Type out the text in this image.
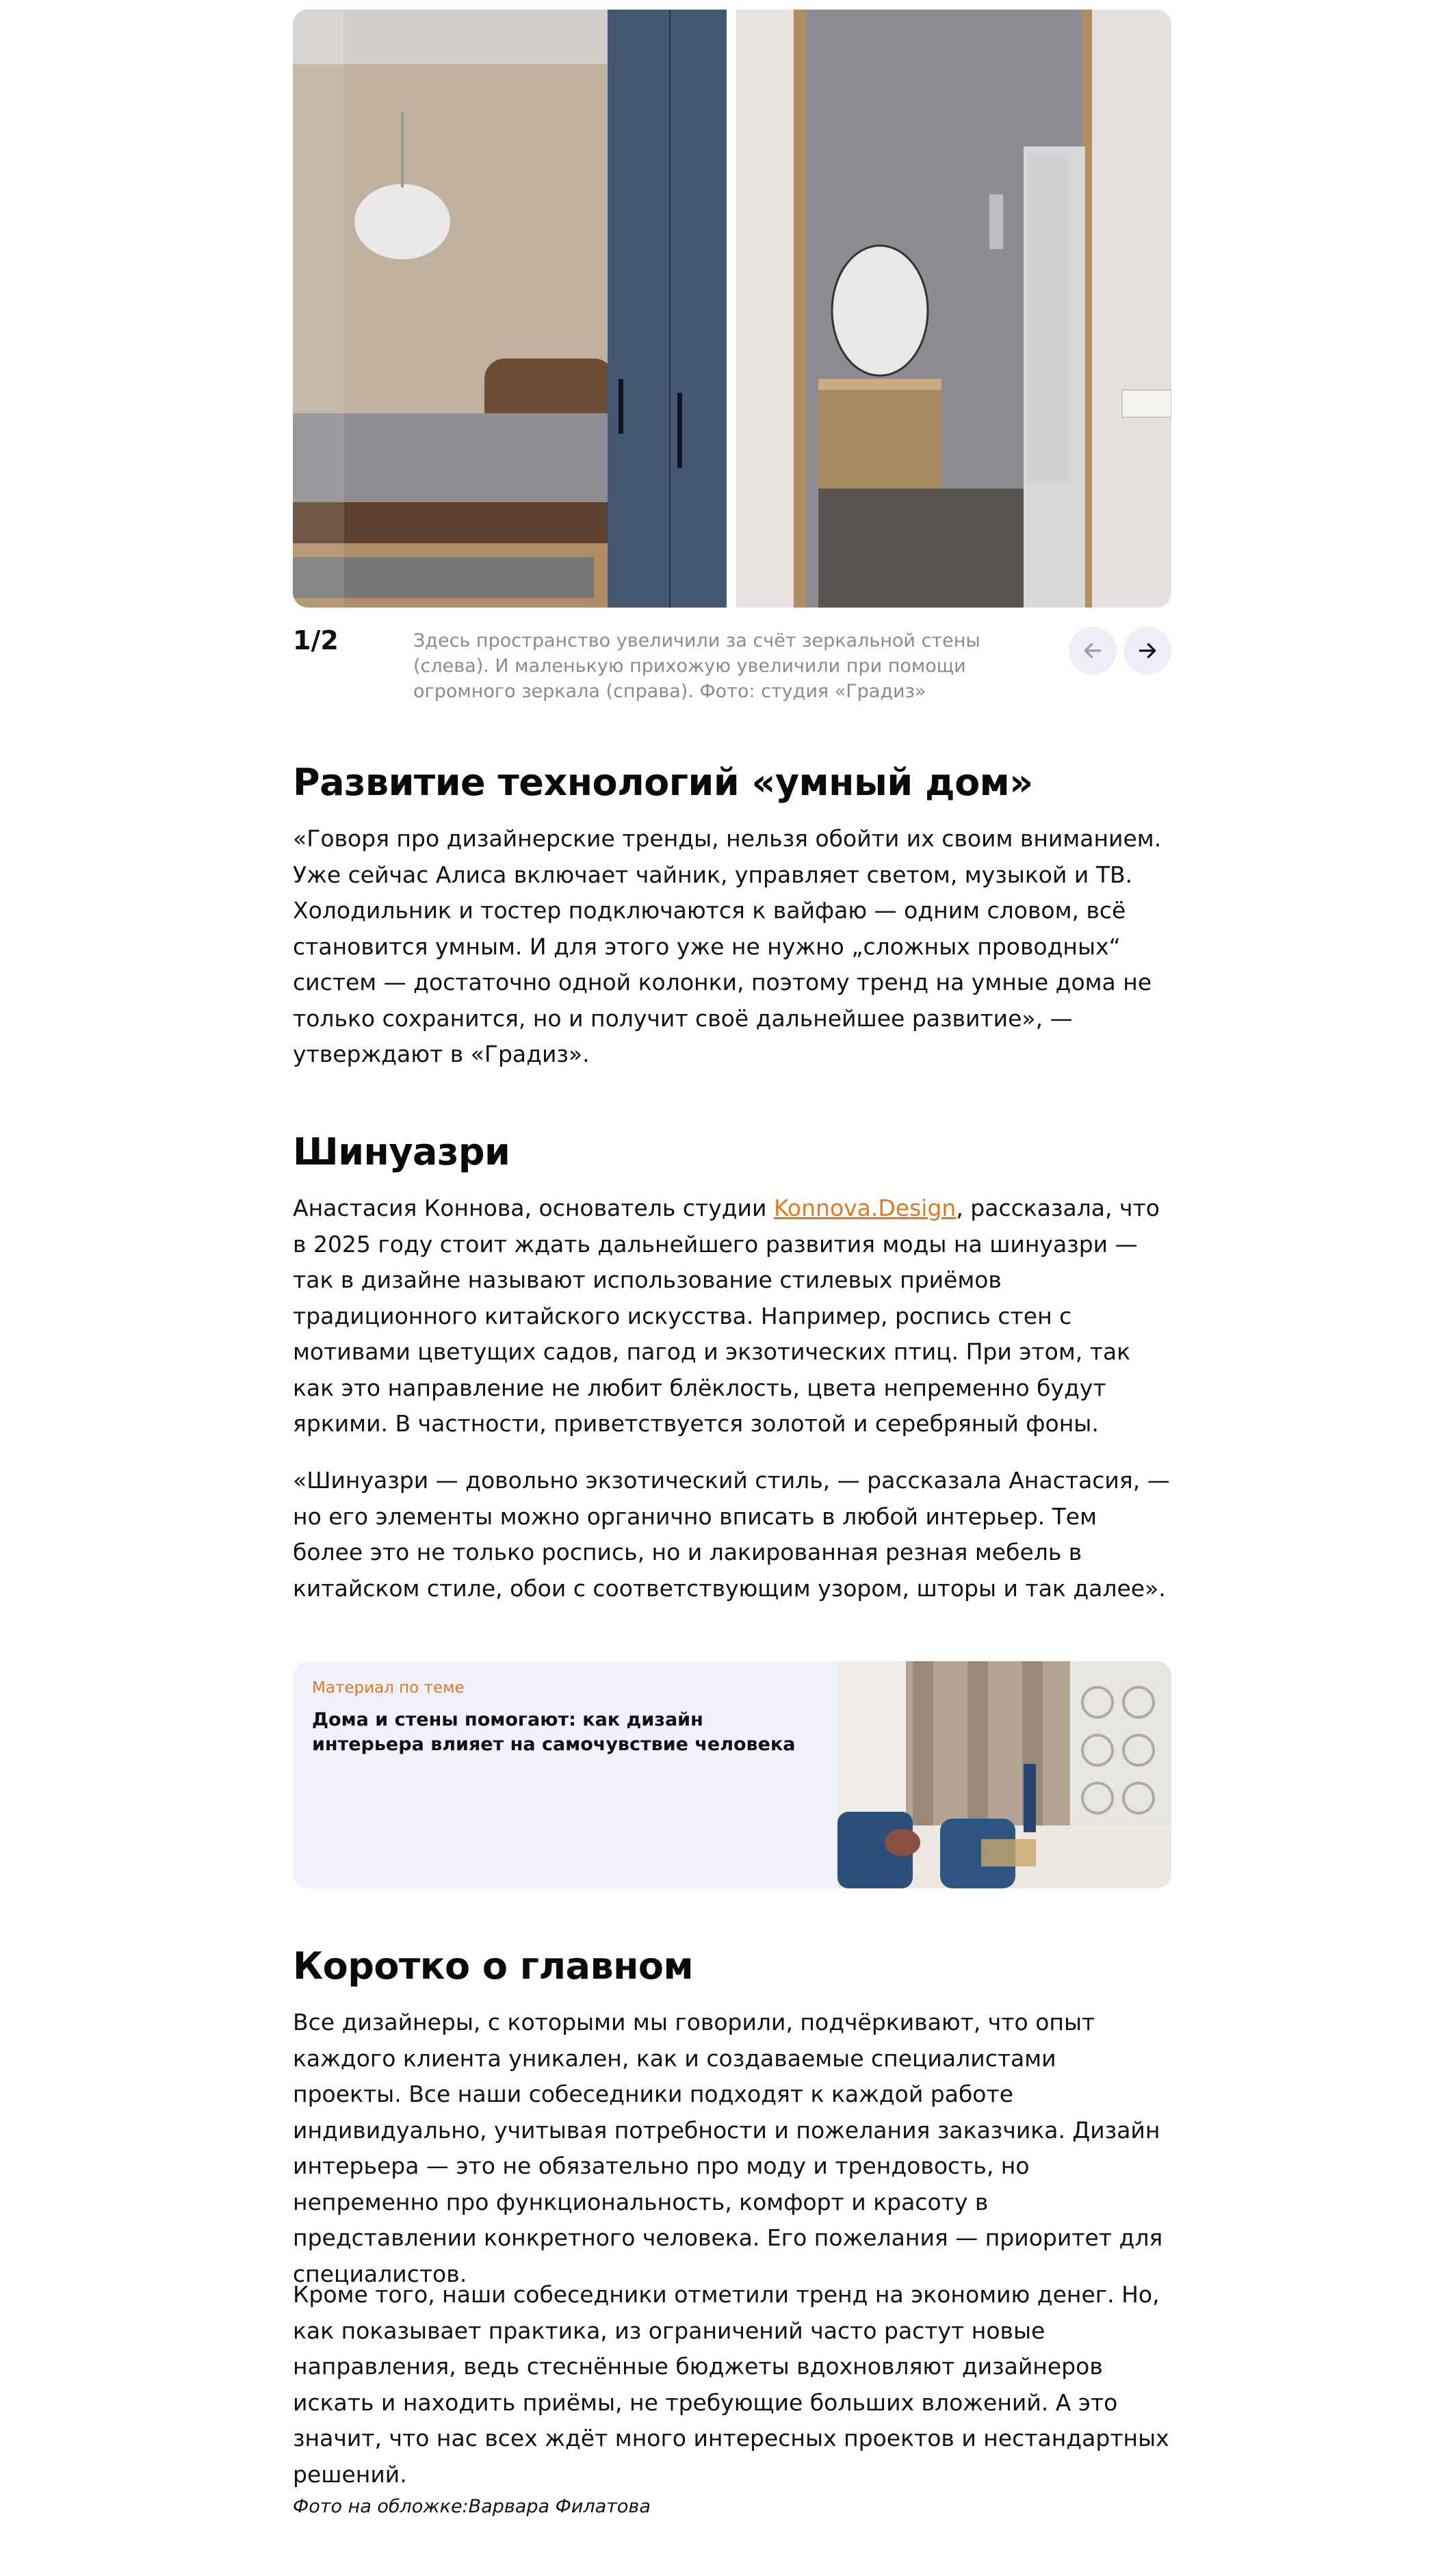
1/2	Здесь пространство увеличили за счёт зеркальной стены (слева). И маленькую прихожую увеличили при помощи огромного зеркала (справа). Фото: студия «Градиз»
Развитие технологий «умный дом»

«Говоря про дизайнерские тренды, нельзя обойти их своим вниманием. Уже сейчас Алиса включает чайник, управляет светом, музыкой и ТВ. Холодильник и тостер подключаются к вайфаю — одним словом, всё становится умным. И для этого уже не нужно „сложных проводных“ систем — достаточно одной колонки, поэтому тренд на умные дома не только сохранится, но и получит своё дальнейшее развитие», — утверждают в «Градиз».

Шинуазри

Анастасия Коннова, основатель студии Konnova.Design, рассказала, что в 2025 году стоит ждать дальнейшего развития моды на шинуазри — так в дизайне называют использование стилевых приёмов традиционного китайского искусства. Например, роспись стен с мотивами цветущих садов, пагод и экзотических птиц. При этом, так как это направление не любит блёклость, цвета непременно будут яркими. В частности, приветствуется золотой и серебряный фоны.

«Шинуазри — довольно экзотический стиль, — рассказала Анастасия, — но его элементы можно органично вписать в любой интерьер. Тем более это не только роспись, но и лакированная резная мебель в китайском стиле, обои с соответствующим узором, шторы и так далее».

Материал по теме
Дома и стены помогают: как дизайн интерьера влияет на самочувствие человека
Коротко о главном

Все дизайнеры, с которыми мы говорили, подчёркивают, что опыт каждого клиента уникален, как и создаваемые специалистами проекты. Все наши собеседники подходят к каждой работе индивидуально, учитывая потребности и пожелания заказчика. Дизайн интерьера — это не обязательно про моду и трендовость, но непременно про функциональность, комфорт и красоту в представлении конкретного человека. Его пожелания — приоритет для специалистов.

Кроме того, наши собеседники отметили тренд на экономию денег. Но, как показывает практика, из ограничений часто растут новые направления, ведь стеснённые бюджеты вдохновляют дизайнеров искать и находить приёмы, не требующие больших вложений. А это значит, что нас всех ждёт много интересных проектов и нестандартных решений.

Фото на обложке:Варвара Филатова
